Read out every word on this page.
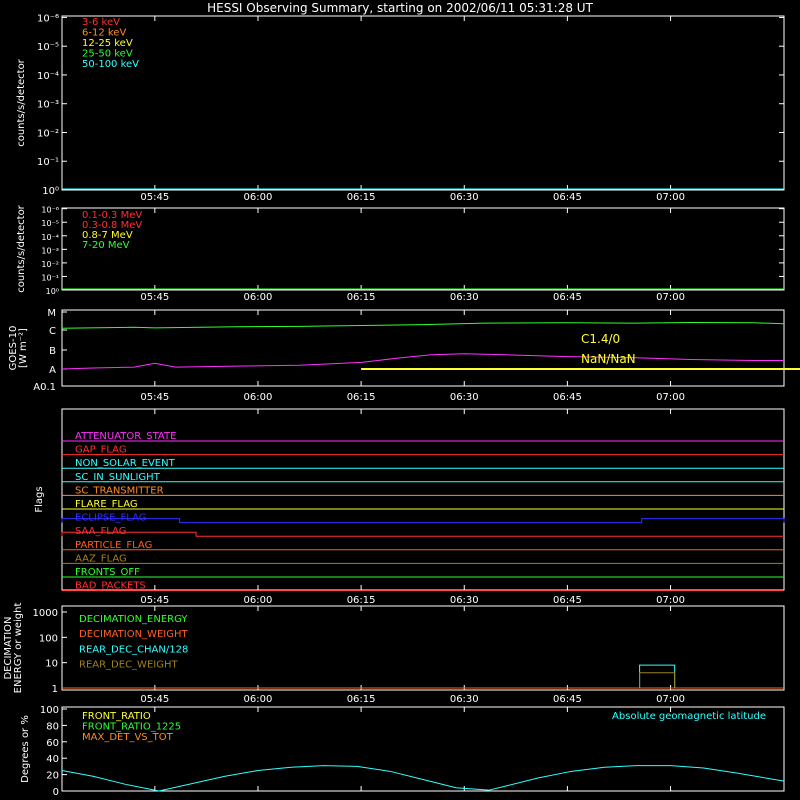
HESSI Observing Summary, starting on 2002/06/11 05:31:28 UT
05:45	06:00	06:15	06:30	06:45	07:00
10⁰
10⁻¹
10⁻²
10⁻³
10⁻⁴
10⁻⁵
10⁻⁶
counts/s/detector
3-6 keV
6-12 keV
12-25 keV
25-50 keV
50-100 keV
05:45	06:00	06:15	06:30	06:45	07:00
10⁰
10⁻¹
10⁻²
10⁻³
10⁻⁴
10⁻⁵
10⁻⁶
counts/s/detector	0.1-0.3 MeV
0.3-0.8 MeV
0.8-7 MeV
7-20 MeV
05:45	06:00	06:15	06:30	06:45	07:00
A0.1
A
B
C
M
GOES-10 [W m⁻²]	C1.4/0
NaN/NaN
05:45	06:00	06:15	06:30	06:45	07:00
Flags
ATTENUATOR_STATE
GAP_FLAG
NON_SOLAR_EVENT
SC_IN_SUNLIGHT
SC_TRANSMITTER
FLARE_FLAG
ECLIPSE_FLAG
SAA_FLAG
PARTICLE_FLAG
AAZ_FLAG
FRONTS_OFF
BAD_PACKETS
05:45	06:00	06:15	06:30	06:45	07:00
1
10
100
1000
DECIMATION ENERGY or weight	DECIMATION_ENERGY
DECIMATION_WEIGHT
REAR_DEC_CHAN/128
REAR_DEC_WEIGHT
0
20
40
60
80
100
Degrees or %	FRONT_RATIO
FRONT_RATIO_1225
MAX_DET_VS_TOT
Absolute geomagnetic latitude
